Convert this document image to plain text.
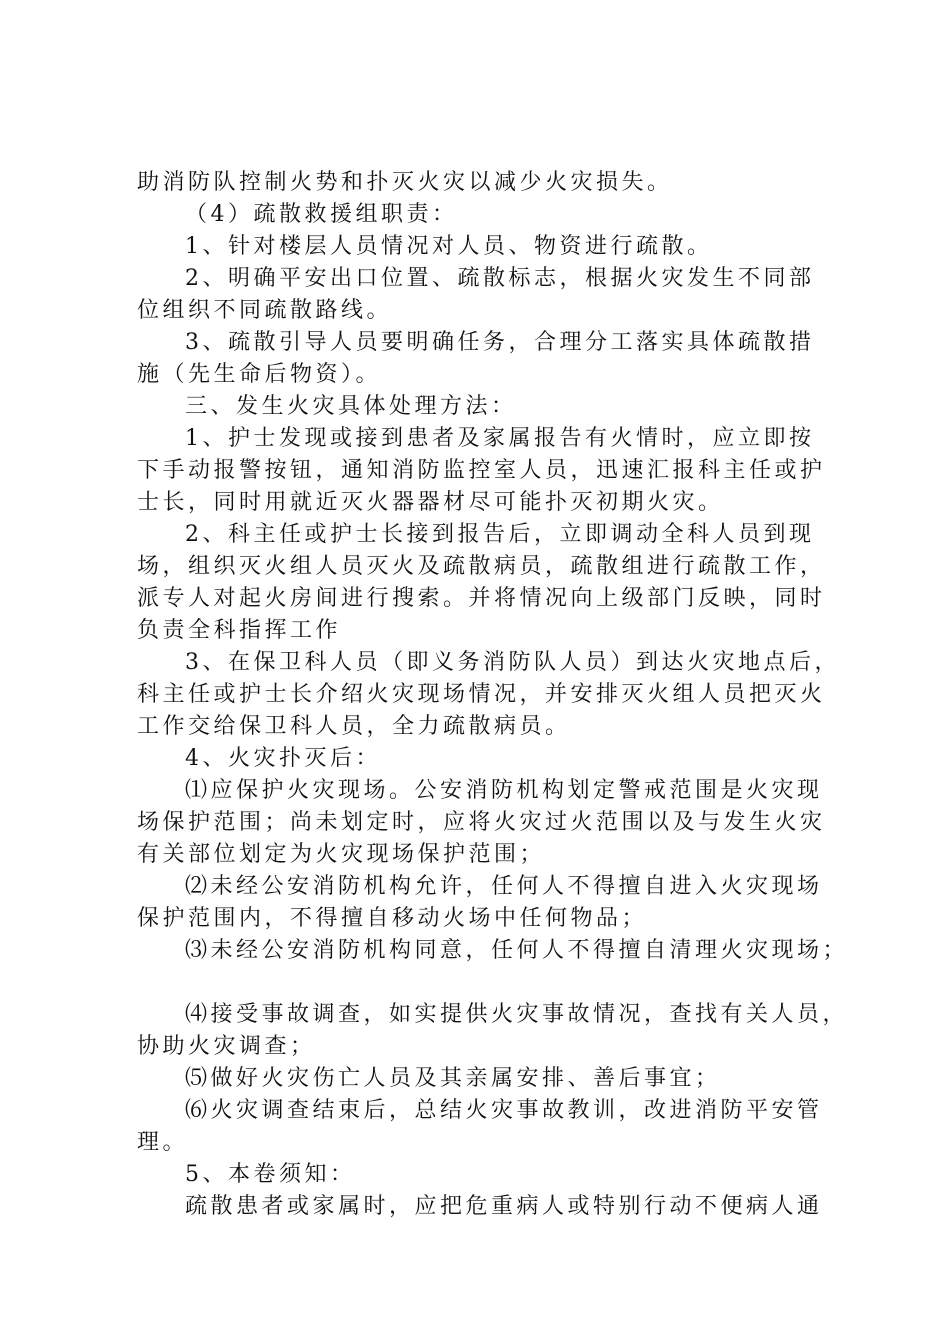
助消防队控制火势和扑灭火灾以减少火灾损失。
（4）疏散救援组职责：
1、针对楼层人员情况对人员、物资进行疏散。
2、明确平安出口位置、疏散标志，根据火灾发生不同部
位组织不同疏散路线。
3、疏散引导人员要明确任务，合理分工落实具体疏散措
施（先生命后物资）。
三、发生火灾具体处理方法：
1、护士发现或接到患者及家属报告有火情时，应立即按
下手动报警按钮，通知消防监控室人员，迅速汇报科主任或护
士长，同时用就近灭火器器材尽可能扑灭初期火灾。
2、科主任或护士长接到报告后，立即调动全科人员到现
场，组织灭火组人员灭火及疏散病员，疏散组进行疏散工作，
派专人对起火房间进行搜索。并将情况向上级部门反映，同时
负责全科指挥工作
3、在保卫科人员（即义务消防队人员）到达火灾地点后，
科主任或护士长介绍火灾现场情况，并安排灭火组人员把灭火
工作交给保卫科人员，全力疏散病员。
4、火灾扑灭后：
⑴应保护火灾现场。公安消防机构划定警戒范围是火灾现
场保护范围；尚未划定时，应将火灾过火范围以及与发生火灾
有关部位划定为火灾现场保护范围；
⑵未经公安消防机构允许，任何人不得擅自进入火灾现场
保护范围内，不得擅自移动火场中任何物品；
⑶未经公安消防机构同意，任何人不得擅自清理火灾现场；
⑷接受事故调查，如实提供火灾事故情况，查找有关人员，
协助火灾调查；
⑸做好火灾伤亡人员及其亲属安排、善后事宜；
⑹火灾调查结束后，总结火灾事故教训，改进消防平安管
理。
5、本卷须知：
疏散患者或家属时，应把危重病人或特别行动不便病人通
